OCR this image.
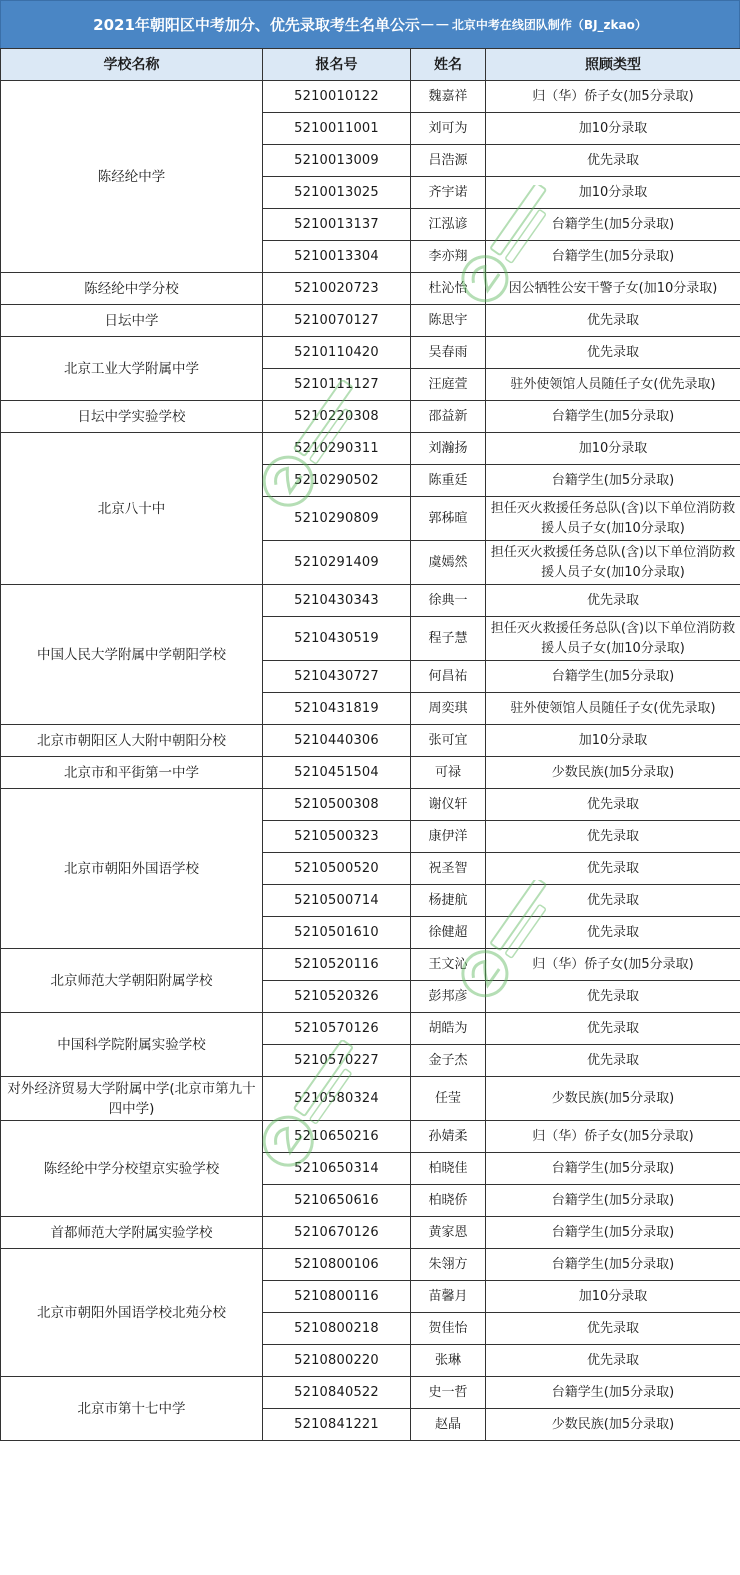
2021年朝阳区中考加分、优先录取考生名单公示－－ 北京中考在线团队制作（BJ_zkao）
学校名称	报名号	姓名	照顾类型
陈经纶中学	5210010122	魏嘉祥	归（华）侨子女(加5分录取)
	5210011001	刘可为	加10分录取
	5210013009	吕浩源	优先录取
	5210013025	齐宇诺	加10分录取
	5210013137	江泓谚	台籍学生(加5分录取)
	5210013304	李亦翔	台籍学生(加5分录取)
陈经纶中学分校	5210020723	杜沁怡	因公牺牲公安干警子女(加10分录取)
日坛中学	5210070127	陈思宇	优先录取
北京工业大学附属中学	5210110420	吴春雨	优先录取
	5210111127	汪庭萱	驻外使领馆人员随任子女(优先录取)
日坛中学实验学校	5210220308	邵益新	台籍学生(加5分录取)
北京八十中	5210290311	刘瀚扬	加10分录取
	5210290502	陈重廷	台籍学生(加5分录取)
	5210290809	郭秭暄	担任灭火救援任务总队(含)以下单位消防救援人员子女(加10分录取)
	5210291409	虞嫣然	担任灭火救援任务总队(含)以下单位消防救援人员子女(加10分录取)
中国人民大学附属中学朝阳学校	5210430343	徐典一	优先录取
	5210430519	程子慧	担任灭火救援任务总队(含)以下单位消防救援人员子女(加10分录取)
	5210430727	何昌祐	台籍学生(加5分录取)
	5210431819	周奕琪	驻外使领馆人员随任子女(优先录取)
北京市朝阳区人大附中朝阳分校	5210440306	张可宜	加10分录取
北京市和平街第一中学	5210451504	可禄	少数民族(加5分录取)
北京市朝阳外国语学校	5210500308	谢仪轩	优先录取
	5210500323	康伊洋	优先录取
	5210500520	祝圣智	优先录取
	5210500714	杨捷航	优先录取
	5210501610	徐健超	优先录取
北京师范大学朝阳附属学校	5210520116	王文沁	归（华）侨子女(加5分录取)
	5210520326	彭邦彦	优先录取
中国科学院附属实验学校	5210570126	胡皓为	优先录取
	5210570227	金子杰	优先录取
对外经济贸易大学附属中学(北京市第九十四中学)	5210580324	任莹	少数民族(加5分录取)
陈经纶中学分校望京实验学校	5210650216	孙婧柔	归（华）侨子女(加5分录取)
	5210650314	柏晓佳	台籍学生(加5分录取)
	5210650616	柏晓侨	台籍学生(加5分录取)
首都师范大学附属实验学校	5210670126	黄家恩	台籍学生(加5分录取)
北京市朝阳外国语学校北苑分校	5210800106	朱翎方	台籍学生(加5分录取)
	5210800116	苗馨月	加10分录取
	5210800218	贺佳怡	优先录取
	5210800220	张琳	优先录取
北京市第十七中学	5210840522	史一哲	台籍学生(加5分录取)
	5210841221	赵晶	少数民族(加5分录取)
